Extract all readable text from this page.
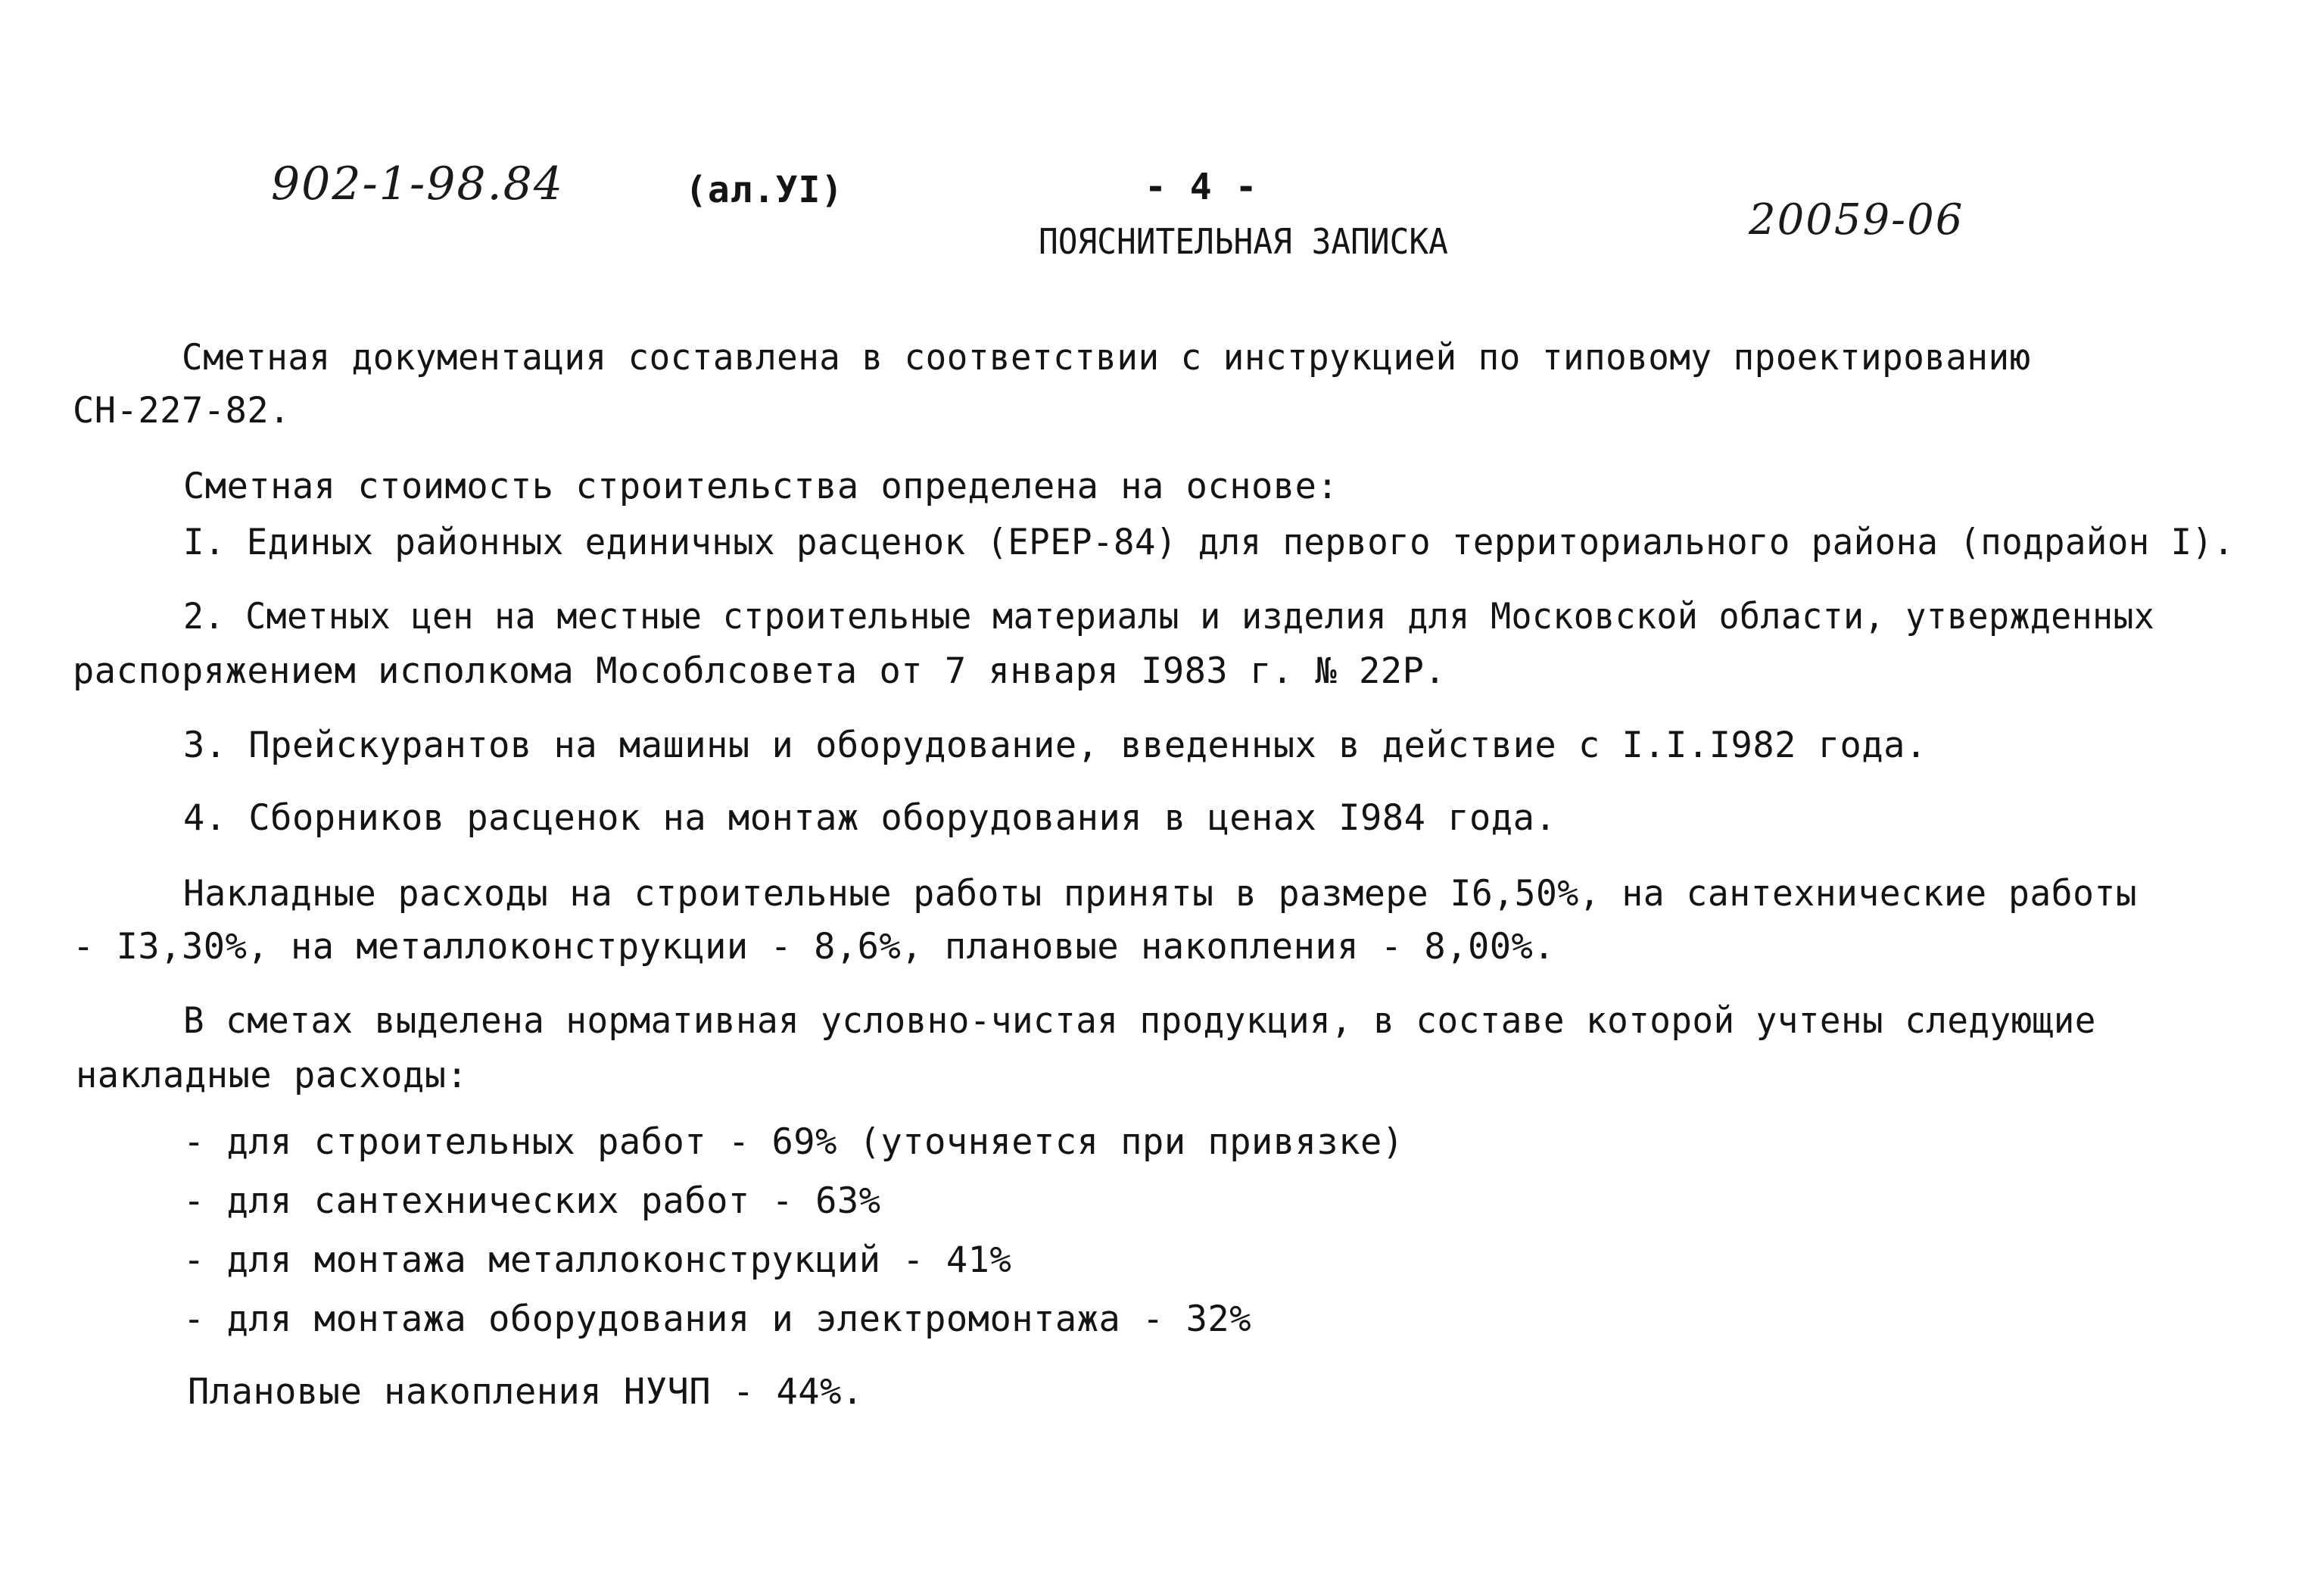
902-1-98.84	(ал.УI)	- 4 -
ПОЯСНИТЕЛЬНАЯ ЗАПИСКА	20059-06
Сметная документация составлена в соответствии с инструкцией по типовому проектированию
СН-227-82.
Сметная стоимость строительства определена на основе:
I. Единых районных единичных расценок (ЕРЕР-84) для первого территориального района (подрайон I).
2. Сметных цен на местные строительные материалы и изделия для Московской области, утвержденных
распоряжением исполкома Мособлсовета от 7 января I983 г. № 22Р.
3. Прейскурантов на машины и оборудование, введенных в действие с I.I.I982 года.
4. Сборников расценок на монтаж оборудования в ценах I984 года.
Накладные расходы на строительные работы приняты в размере I6,50%, на сантехнические работы
- I3,30%, на металлоконструкции - 8,6%, плановые накопления - 8,00%.
В сметах выделена нормативная условно-чистая продукция, в составе которой учтены следующие
накладные расходы:
- для строительных работ - 69% (уточняется при привязке)
- для сантехнических работ - 63%
- для монтажа металлоконструкций - 41%
- для монтажа оборудования и электромонтажа - 32%
Плановые накопления НУЧП - 44%.
